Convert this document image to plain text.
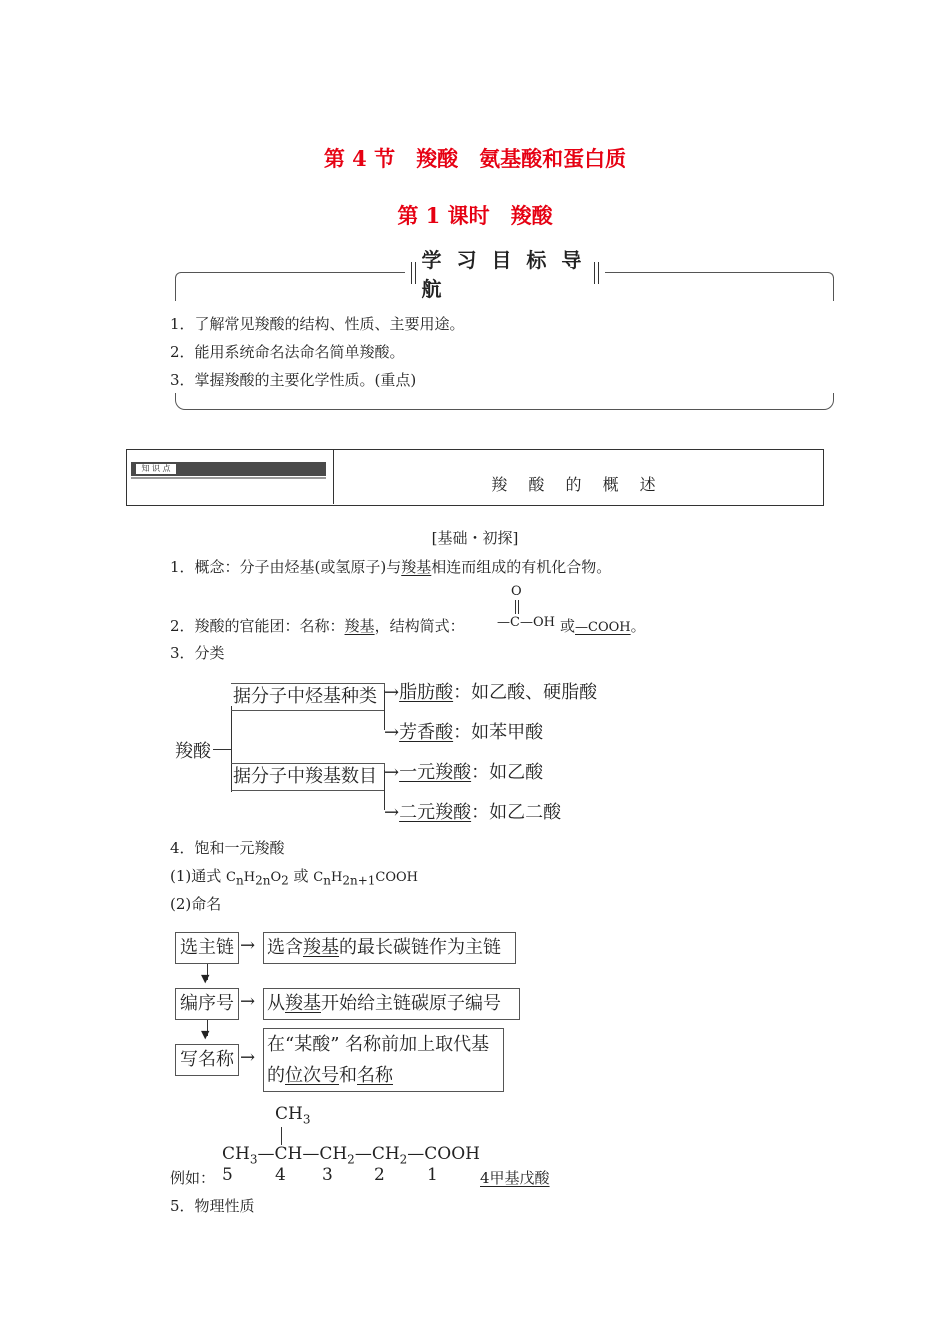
第 4 节　羧酸　氨基酸和蛋白质
第 1 课时　羧酸
学 习 目 标 导 航
1．了解常见羧酸的结构、性质、主要用途。
2．能用系统命名法命名简单羧酸。
3．掌握羧酸的主要化学性质。(重点)
知 识 点
羧 酸 的 概 述
[基础・初探]
1．概念：分子由烃基(或氢原子)与羧基相连而组成的有机化合物。
2．羧酸的官能团：名称：羧基，结构简式：
O
—C—OH 或—COOH。
3．分类
羧酸
据分子中烃基种类
据分子中羧基数目
→脂肪酸：如乙酸、硬脂酸
→芳香酸：如苯甲酸
→一元羧酸：如乙酸
→二元羧酸：如乙二酸
4．饱和一元羧酸
(1)通式 $C_nH_{2n}O_2$ 或 $C_nH_{2n+1}COOH$
(2)命名
选主链 → 选含羧基的最长碳链作为主链
▼
编序号 → 从羧基开始给主链碳原子编号
▼
写名称 →
在“某酸” 名称前加上取代基
的位次号和名称
$CH_3$
$CH_3—CH—CH_2—CH_2—COOH$
例如： 5 4 3 2 1	4甲基戊酸
5．物理性质
